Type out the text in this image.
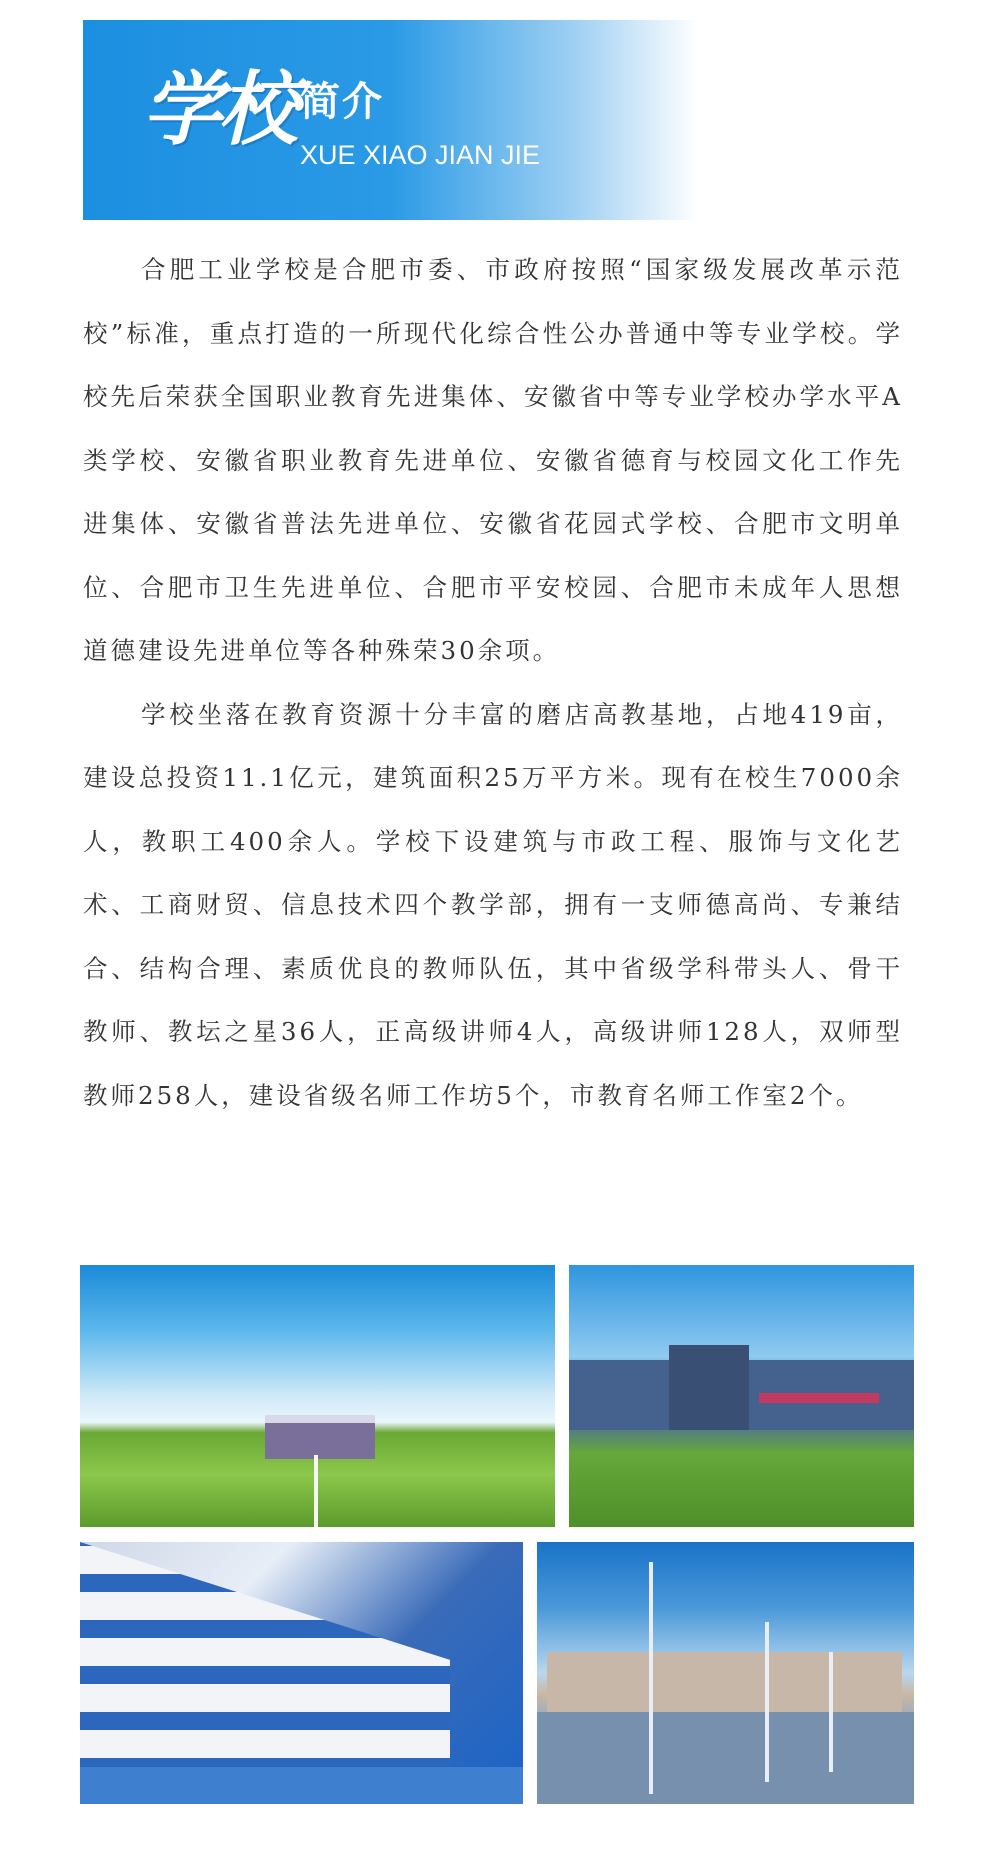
学校 简介
XUE XIAO JIAN JIE

合肥工业学校是合肥市委、市政府按照“国家级发展改革示范校”标准，重点打造的一所现代化综合性公办普通中等专业学校。学校先后荣获全国职业教育先进集体、安徽省中等专业学校办学水平A类学校、安徽省职业教育先进单位、安徽省德育与校园文化工作先进集体、安徽省普法先进单位、安徽省花园式学校、合肥市文明单位、合肥市卫生先进单位、合肥市平安校园、合肥市未成年人思想道德建设先进单位等各种殊荣30余项。

学校坐落在教育资源十分丰富的磨店高教基地，占地419亩，建设总投资11.1亿元，建筑面积25万平方米。现有在校生7000余人，教职工400余人。学校下设建筑与市政工程、服饰与文化艺术、工商财贸、信息技术四个教学部，拥有一支师德高尚、专兼结合、结构合理、素质优良的教师队伍，其中省级学科带头人、骨干教师、教坛之星36人，正高级讲师4人，高级讲师128人，双师型教师258人，建设省级名师工作坊5个，市教育名师工作室2个。
